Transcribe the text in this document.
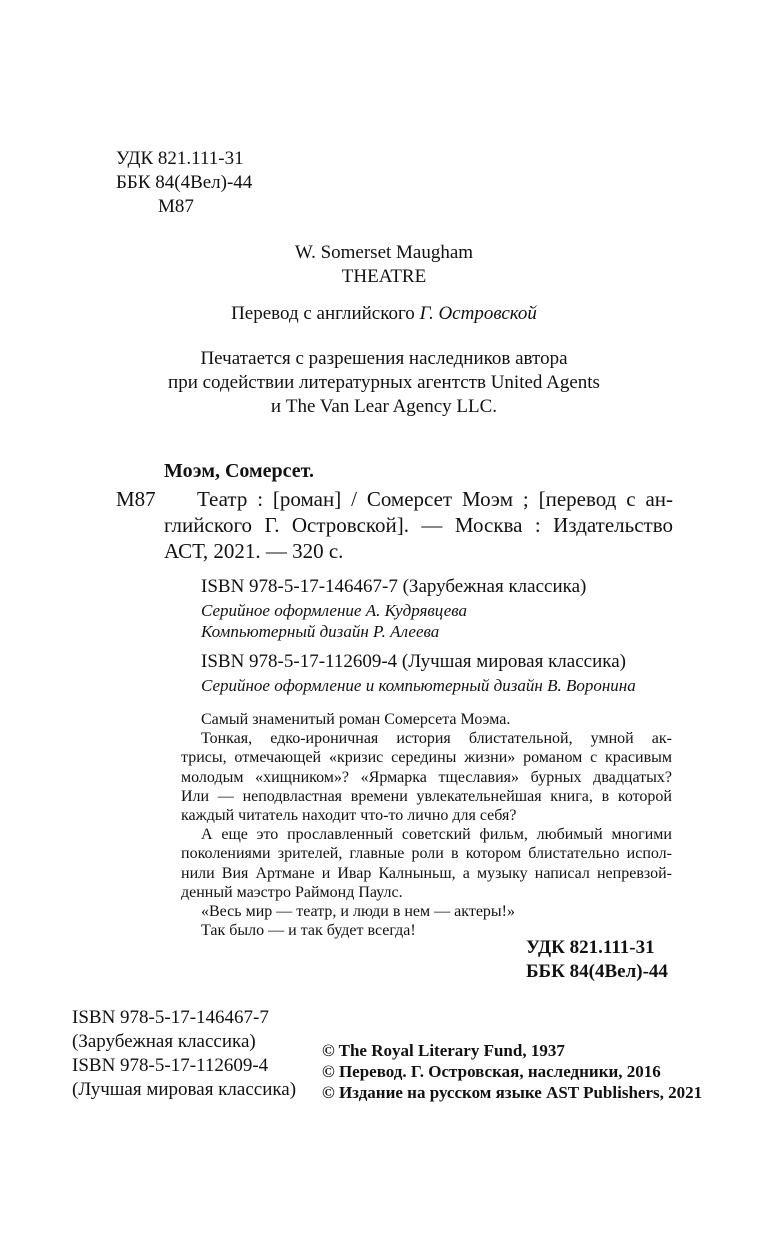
УДК 821.111-31
ББК 84(4Вел)-44
М87
W. Somerset Maugham
THEATRE
Перевод с английского Г. Островской
Печатается с разрешения наследников автора
при содействии литературных агентств United Agents
и The Van Lear Agency LLC.
Моэм, Сомерсет.
М87 Театр : [роман] / Сомерсет Моэм ; [перевод с ан-
глийского Г. Островской]. — Москва : Издательство
АСТ, 2021. — 320 с.
ISBN 978-5-17-146467-7 (Зарубежная классика)
Серийное оформление А. Кудрявцева
Компьютерный дизайн Р. Алеева
ISBN 978-5-17-112609-4 (Лучшая мировая классика)
Серийное оформление и компьютерный дизайн В. Воронина
Самый знаменитый роман Сомерсета Моэма.
Тонкая, едко-ироничная история блистательной, умной ак-
трисы, отмечающей «кризис середины жизни» романом с красивым
молодым «хищником»? «Ярмарка тщеславия» бурных двадцатых?
Или — неподвластная времени увлекательнейшая книга, в которой
каждый читатель находит что-то лично для себя?
А еще это прославленный советский фильм, любимый многими
поколениями зрителей, главные роли в котором блистательно испол-
нили Вия Артмане и Ивар Калныньш, а музыку написал непревзой-
денный маэстро Раймонд Паулс.
«Весь мир — театр, и люди в нем — актеры!»
Так было — и так будет всегда!
УДК 821.111-31
ББК 84(4Вел)-44
ISBN 978-5-17-146467-7
(Зарубежная классика)
ISBN 978-5-17-112609-4
(Лучшая мировая классика)
© The Royal Literary Fund, 1937
© Перевод. Г. Островская, наследники, 2016
© Издание на русском языке AST Publishers, 2021
